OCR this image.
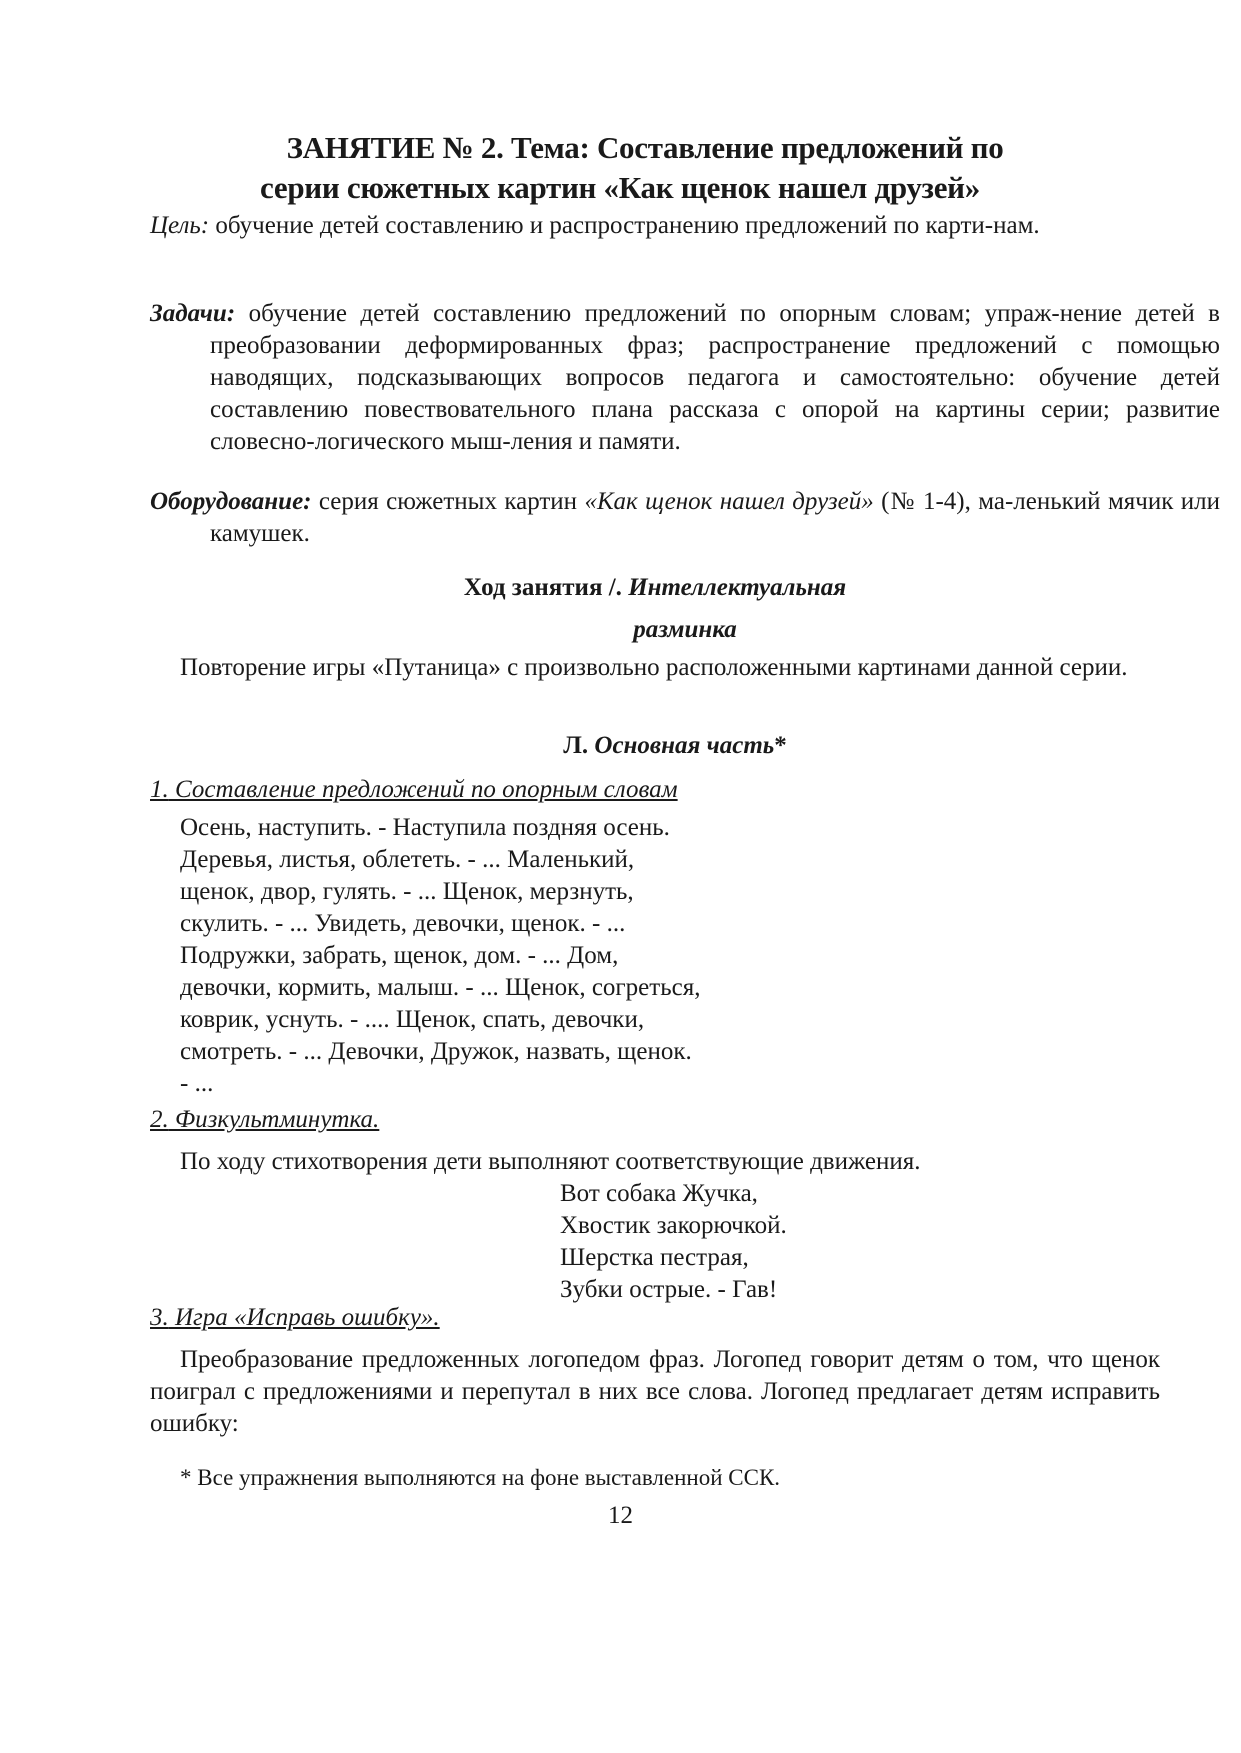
ЗАНЯТИЕ № 2. Тема: Составление предложений по
серии сюжетных картин «Как щенок нашел друзей»
Цель: обучение детей составлению и распространению предложений по карти-нам.
Задачи: обучение детей составлению предложений по опорным словам; упраж-нение детей в преобразовании деформированных фраз; распространение предложений с помощью наводящих, подсказывающих вопросов педагога и самостоятельно: обучение детей составлению повествовательного плана рассказа с опорой на картины серии; развитие словесно-логического мыш-ления и памяти.
Оборудование: серия сюжетных картин «Как щенок нашел друзей» (№ 1-4), ма-ленький мячик или камушек.
Ход занятия /. Интеллектуальная
разминка
Повторение игры «Путаница» с произвольно расположенными картинами данной серии.
Л. Основная часть*
1. Составление предложений по опорным словам
Осень, наступить. - Наступила поздняя осень.
Деревья, листья, облететь. - ... Маленький,
щенок, двор, гулять. - ... Щенок, мерзнуть,
скулить. - ... Увидеть, девочки, щенок. - ...
Подружки, забрать, щенок, дом. - ... Дом,
девочки, кормить, малыш. - ... Щенок, согреться,
коврик, уснуть. - .... Щенок, спать, девочки,
смотреть. - ... Девочки, Дружок, назвать, щенок.
- ...
2. Физкультминутка.
По ходу стихотворения дети выполняют соответствующие движения.
Вот собака Жучка,
Хвостик закорючкой.
Шерстка пестрая,
Зубки острые. - Гав!
3. Игра «Исправь ошибку».
Преобразование предложенных логопедом фраз. Логопед говорит детям о том, что щенок поиграл с предложениями и перепутал в них все слова. Логопед предлагает детям исправить ошибку:
* Все упражнения выполняются на фоне выставленной ССК.
12
